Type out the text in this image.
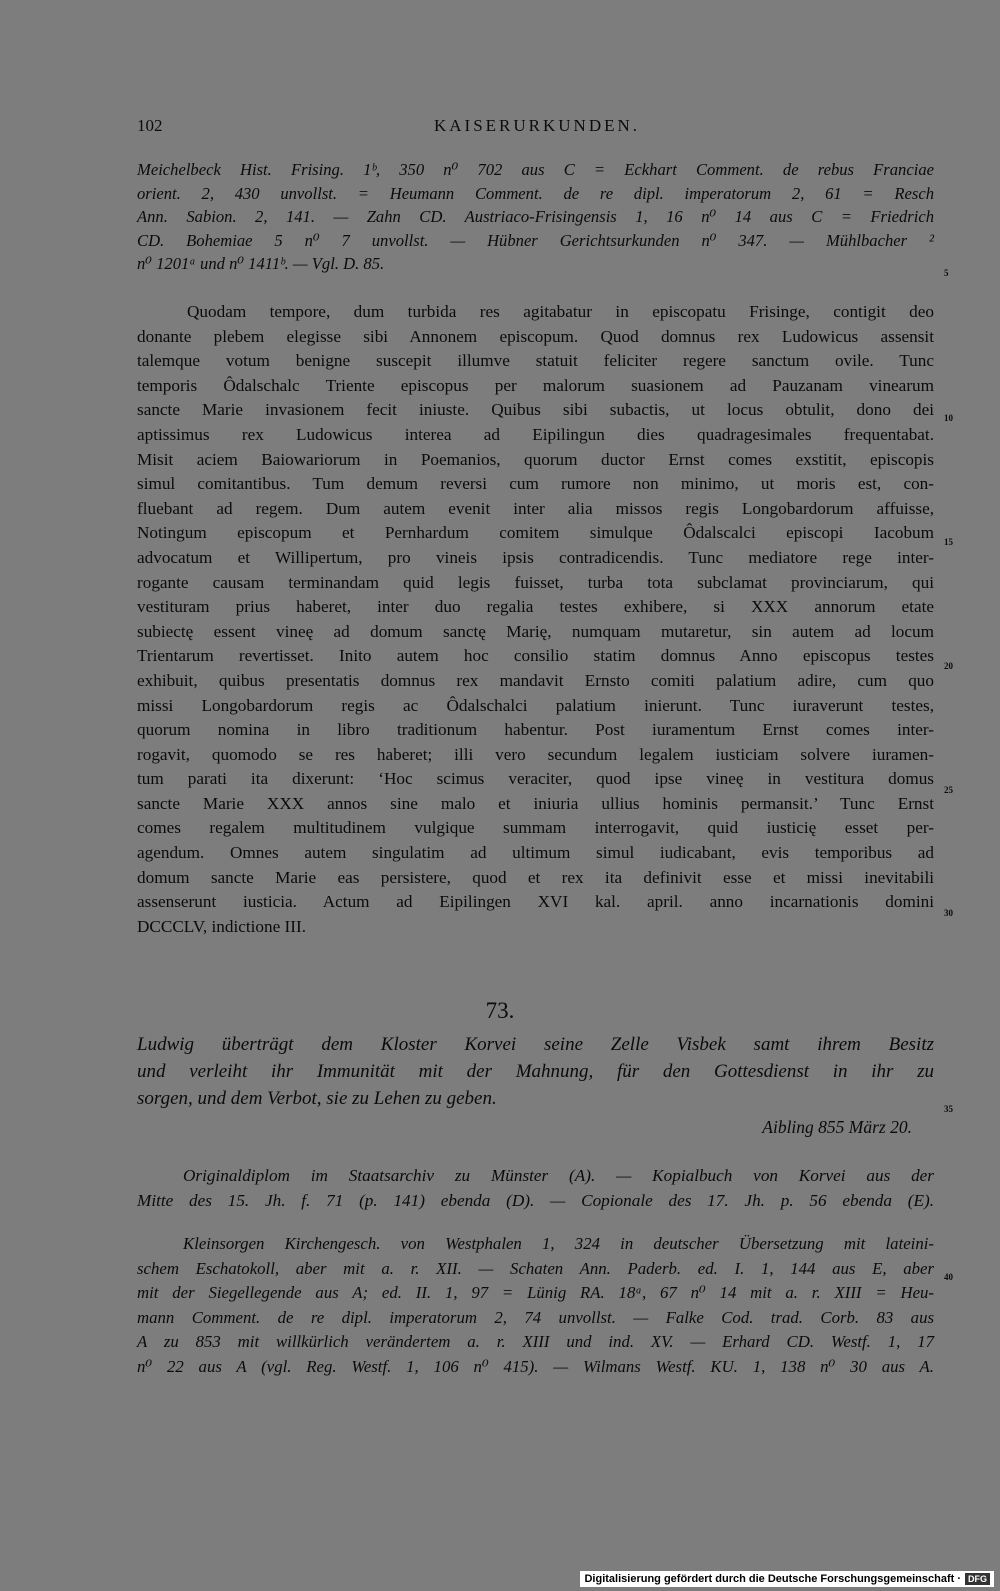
102	KAISERURKUNDEN.
Meichelbeck Hist. Frising. 1ᵇ, 350 n⁰ 702 aus C = Eckhart Comment. de rebus Franciae
orient. 2, 430 unvollst. = Heumann Comment. de re dipl. imperatorum 2, 61 = Resch
Ann. Sabion. 2, 141. — Zahn CD. Austriaco-Frisingensis 1, 16 n⁰ 14 aus C = Friedrich
CD. Bohemiae 5 n⁰ 7 unvollst. — Hübner Gerichtsurkunden n⁰ 347. — Mühlbacher ²
n⁰ 1201ᵃ und n⁰ 1411ᵇ. — Vgl. D. 85.
Quodam tempore, dum turbida res agitabatur in episcopatu Frisinge, contigit deo
donante plebem elegisse sibi Annonem episcopum. Quod domnus rex Ludowicus assensit
talemque votum benigne suscepit illumve statuit feliciter regere sanctum ovile. Tunc
temporis Ôdalschalc Triente episcopus per malorum suasionem ad Pauzanam vinearum
sancte Marie invasionem fecit iniuste. Quibus sibi subactis, ut locus obtulit, dono dei
aptissimus rex Ludowicus interea ad Eipilingun dies quadragesimales frequentabat.
Misit aciem Baiowariorum in Poemanios, quorum ductor Ernst comes exstitit, episcopis
simul comitantibus. Tum demum reversi cum rumore non minimo, ut moris est, con-
fluebant ad regem. Dum autem evenit inter alia missos regis Longobardorum affuisse,
Notingum episcopum et Pernhardum comitem simulque Ôdalscalci episcopi Iacobum
advocatum et Willipertum, pro vineis ipsis contradicendis. Tunc mediatore rege inter-
rogante causam terminandam quid legis fuisset, turba tota subclamat provinciarum, qui
vestituram prius haberet, inter duo regalia testes exhibere, si XXX annorum etate
subiectę essent vineę ad domum sanctę Marię, numquam mutaretur, sin autem ad locum
Trientarum revertisset. Inito autem hoc consilio statim domnus Anno episcopus testes
exhibuit, quibus presentatis domnus rex mandavit Ernsto comiti palatium adire, cum quo
missi Longobardorum regis ac Ôdalschalci palatium inierunt. Tunc iuraverunt testes,
quorum nomina in libro traditionum habentur. Post iuramentum Ernst comes inter-
rogavit, quomodo se res haberet; illi vero secundum legalem iusticiam solvere iuramen-
tum parati ita dixerunt: ‘Hoc scimus veraciter, quod ipse vineę in vestitura domus
sancte Marie XXX annos sine malo et iniuria ullius hominis permansit.’ Tunc Ernst
comes regalem multitudinem vulgique summam interrogavit, quid iusticię esset per-
agendum. Omnes autem singulatim ad ultimum simul iudicabant, evis temporibus ad
domum sancte Marie eas persistere, quod et rex ita definivit esse et missi inevitabili
assenserunt iusticia. Actum ad Eipilingen XVI kal. april. anno incarnationis domini
DCCCLV, indictione III.
73.
Ludwig überträgt dem Kloster Korvei seine Zelle Visbek samt ihrem Besitz
und verleiht ihr Immunität mit der Mahnung, für den Gottesdienst in ihr zu
sorgen, und dem Verbot, sie zu Lehen zu geben.
Aibling 855 März 20.
Originaldiplom im Staatsarchiv zu Münster (A). — Kopialbuch von Korvei aus der
Mitte des 15. Jh. f. 71 (p. 141) ebenda (D). — Copionale des 17. Jh. p. 56 ebenda (E).
Kleinsorgen Kirchengesch. von Westphalen 1, 324 in deutscher Übersetzung mit lateini-
schem Eschatokoll, aber mit a. r. XII. — Schaten Ann. Paderb. ed. I. 1, 144 aus E, aber
mit der Siegellegende aus A; ed. II. 1, 97 = Lünig RA. 18ᵃ, 67 n⁰ 14 mit a. r. XIII = Heu-
mann Comment. de re dipl. imperatorum 2, 74 unvollst. — Falke Cod. trad. Corb. 83 aus
A zu 853 mit willkürlich verändertem a. r. XIII und ind. XV. — Erhard CD. Westf. 1, 17
n⁰ 22 aus A (vgl. Reg. Westf. 1, 106 n⁰ 415). — Wilmans Westf. KU. 1, 138 n⁰ 30 aus A.
5
10
15
20
25
30
35
40
Digitalisierung gefördert durch die Deutsche Forschungsgemeinschaft · DFG
